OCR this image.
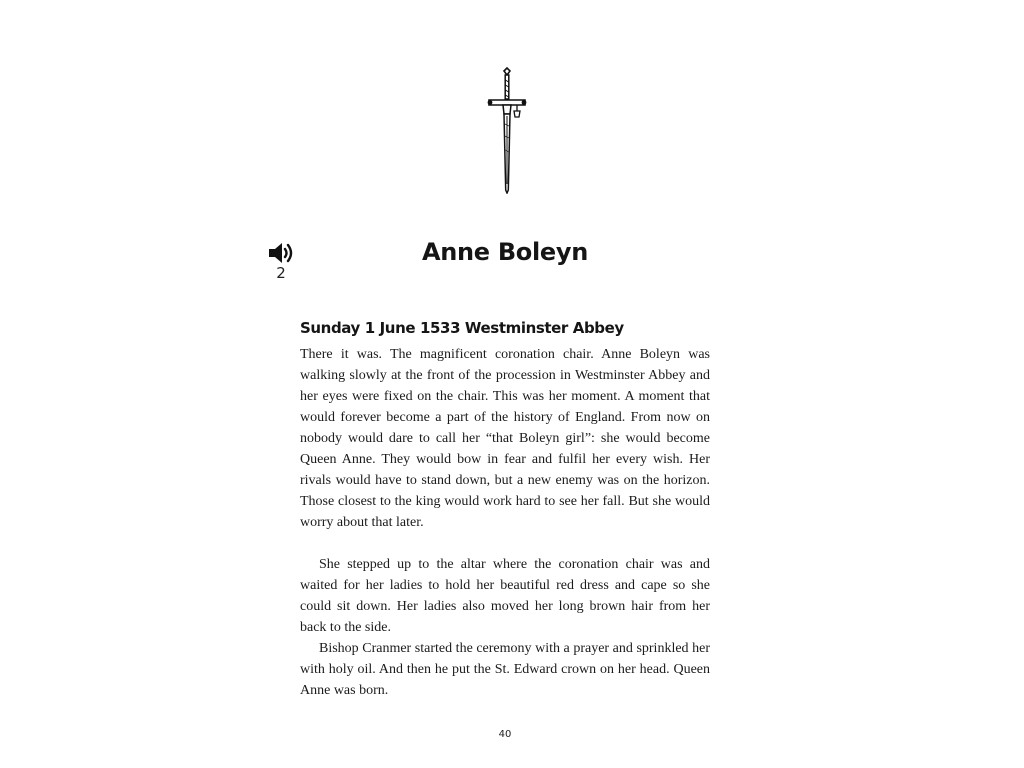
2
Anne Boleyn
Sunday 1 June 1533 Westminster Abbey

There it was. The magnificent coronation chair. Anne Boleyn was walking slowly at the front of the procession in Westminster Abbey and her eyes were fixed on the chair. This was her moment. A moment that would forever become a part of the history of England. From now on nobody would dare to call her “that Boleyn girl”: she would become Queen Anne. They would bow in fear and fulfil her every wish. Her rivals would have to stand down, but a new enemy was on the horizon. Those closest to the king would work hard to see her fall. But she would worry about that later.

She stepped up to the altar where the coronation chair was and waited for her ladies to hold her beautiful red dress and cape so she could sit down. Her ladies also moved her long brown hair from her back to the side.

Bishop Cranmer started the ceremony with a prayer and sprinkled her with holy oil. And then he put the St. Edward crown on her head. Queen Anne was born.

40
